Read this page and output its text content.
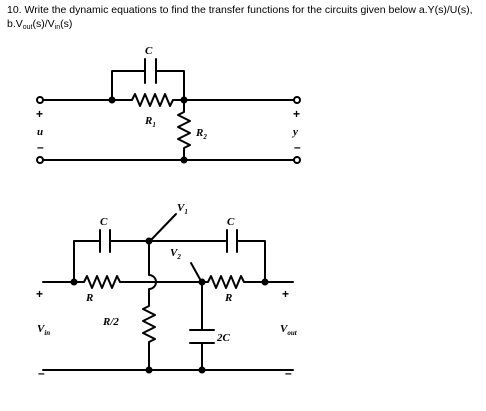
10. Write the dynamic equations to find the transfer functions for the circuits given below a.Y(s)/U(s),
$b.V_{out}(s)/V_{in}(s)$
C
$R_1$
$R_2$
+
u
–
+
y
–
$V_1$
$V_2$
C	C
R	R
R/2
2C
+
$V_{in}$
–
+
$V_{out}$
–
